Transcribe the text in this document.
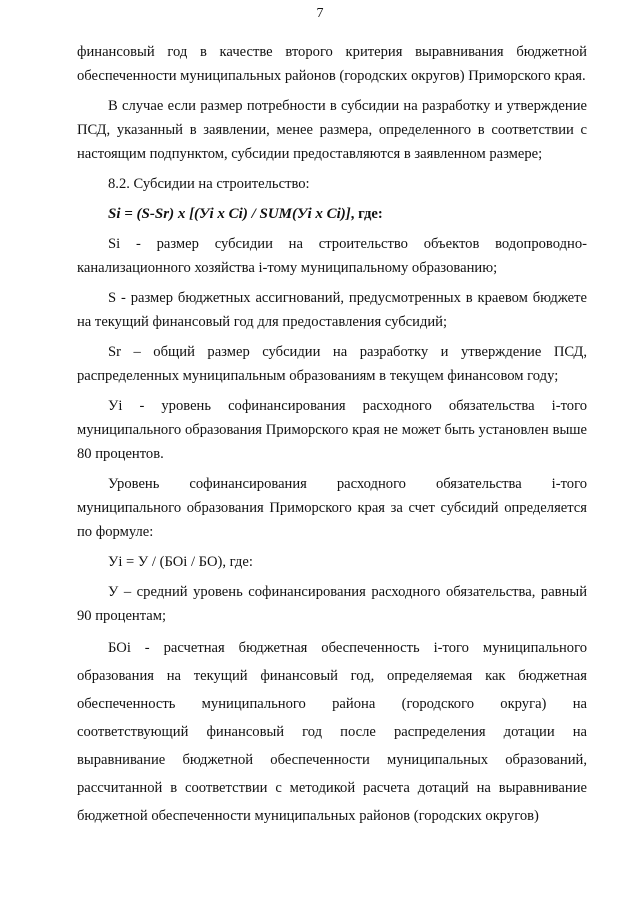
7

финансовый год в качестве второго критерия выравнивания бюджетной обеспеченности муниципальных районов (городских округов) Приморского края.

В случае если размер потребности в субсидии на разработку и утверждение ПСД, указанный в заявлении, менее размера, определенного в соответствии с настоящим подпунктом, субсидии предоставляются в заявленном размере;

8.2. Субсидии на строительство:

Si = (S-Sr) x [(Уi x Ci) / SUM(Уi x Ci)], где:

Si - размер субсидии на строительство объектов водопроводно-канализационного хозяйства i-тому муниципальному образованию;

S - размер бюджетных ассигнований, предусмотренных в краевом бюджете на текущий финансовый год для предоставления субсидий;

Sr – общий размер субсидии на разработку и утверждение ПСД, распределенных муниципальным образованиям в текущем финансовом году;

Уi - уровень софинансирования расходного обязательства i-того муниципального образования Приморского края не может быть установлен выше 80 процентов.

Уровень софинансирования расходного обязательства i-того муниципального образования Приморского края за счет субсидий определяется по формуле:

Уi = У / (БОi / БО), где:

У – средний уровень софинансирования расходного обязательства, равный 90 процентам;

БОi - расчетная бюджетная обеспеченность i-того муниципального образования на текущий финансовый год, определяемая как бюджетная обеспеченность муниципального района (городского округа) на соответствующий финансовый год после распределения дотации на выравнивание бюджетной обеспеченности муниципальных образований, рассчитанной в соответствии с методикой расчета дотаций на выравнивание бюджетной обеспеченности муниципальных районов (городских округов)
